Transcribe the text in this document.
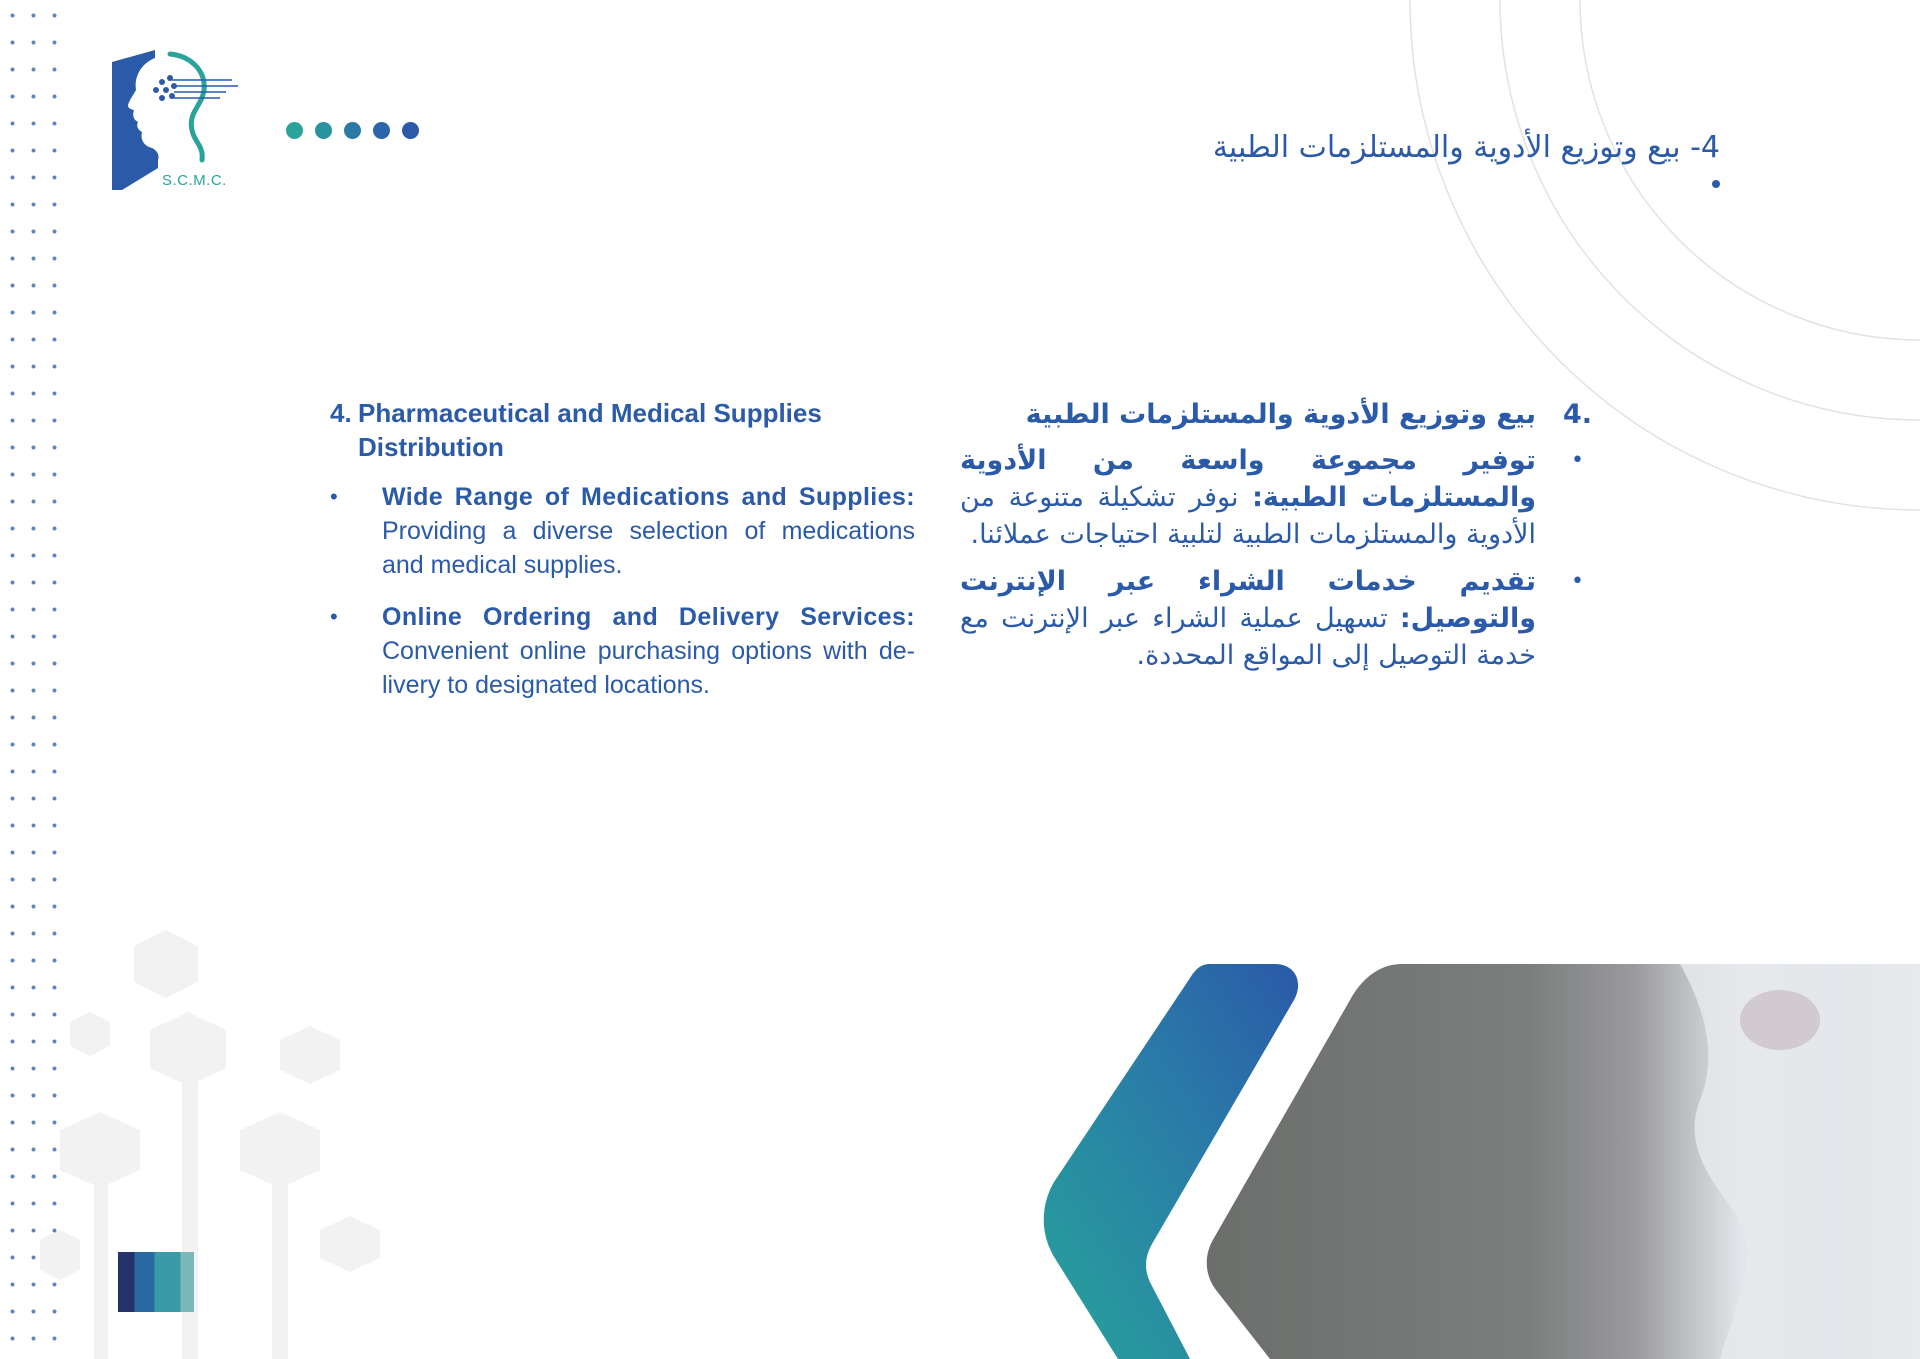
S.C.M.C.
4- بيع وتوزيع الأدوية والمستلزمات الطبية
4. Pharmaceutical and Medical Supplies
Distribution
• Wide Range of Medications and Supplies:
Providing a diverse selection of medications and medical supplies.
• Online Ordering and Delivery Services:
Convenient online purchasing options with de-livery to designated locations.
.4
بيع وتوزيع الأدوية والمستلزمات الطبية
•
توفير مجموعة واسعة من الأدوية والمستلزمات الطبية: نوفر تشكيلة متنوعة من الأدوية والمستلزمات الطبية لتلبية احتياجات عملائنا.
•
تقديم خدمات الشراء عبر الإنترنت والتوصيل: تسهيل عملية الشراء عبر الإنترنت مع خدمة التوصيل إلى المواقع المحددة.
